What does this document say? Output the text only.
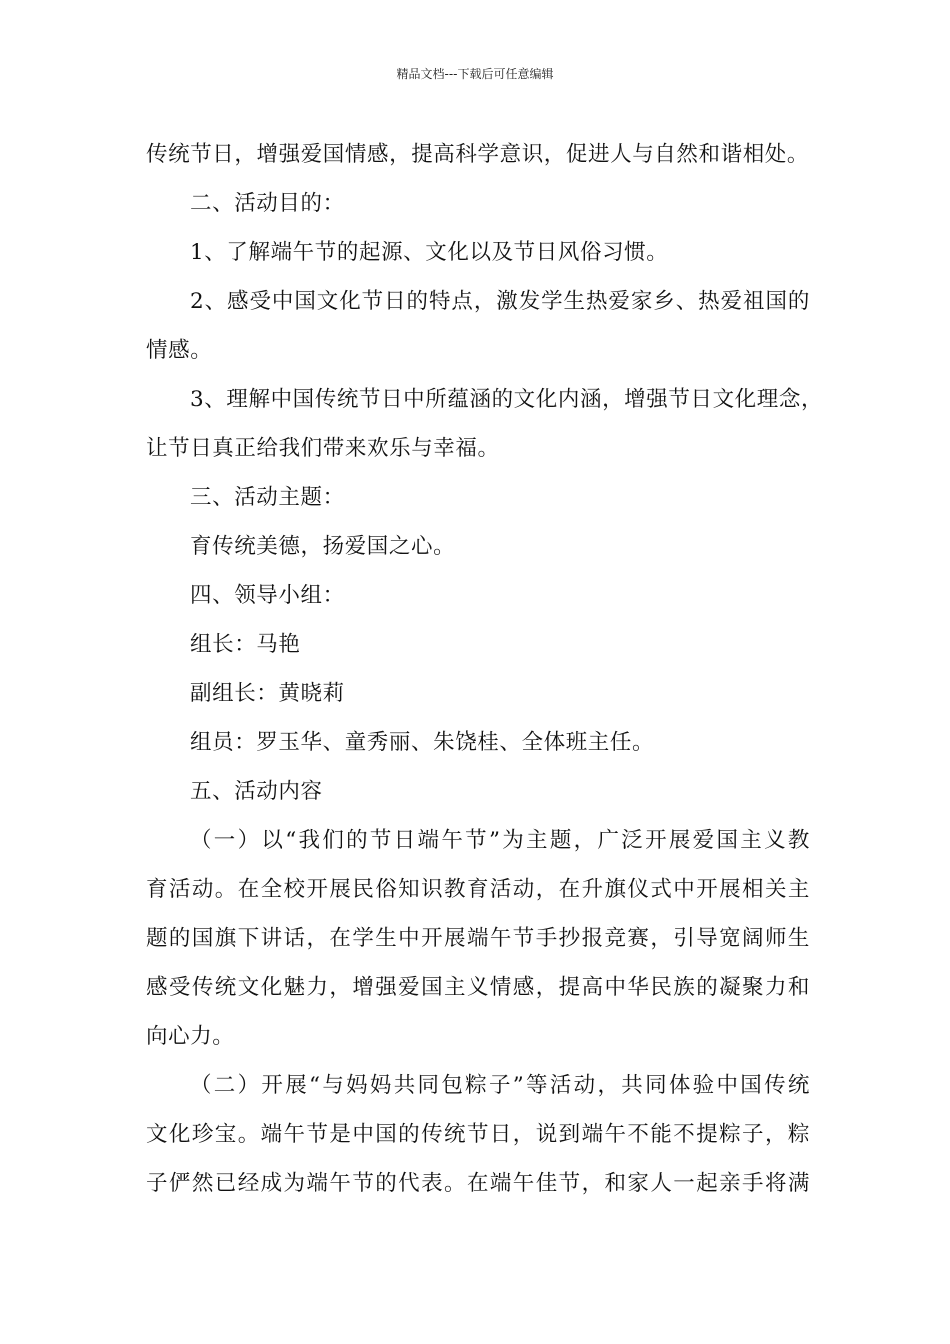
精品文档---下载后可任意编辑
传统节日，增强爱国情感，提高科学意识，促进人与自然和谐相处。
二、活动目的：
1、了解端午节的起源、文化以及节日风俗习惯。
2、感受中国文化节日的特点，激发学生热爱家乡、热爱祖国的
情感。
3、理解中国传统节日中所蕴涵的文化内涵，增强节日文化理念，
让节日真正给我们带来欢乐与幸福。
三、活动主题：
育传统美德，扬爱国之心。
四、领导小组：
组长：马艳
副组长：黄晓莉
组员：罗玉华、童秀丽、朱饶桂、全体班主任。
五、活动内容
（一）以“我们的节日端午节”为主题，广泛开展爱国主义教
育活动。在全校开展民俗知识教育活动，在升旗仪式中开展相关主
题的国旗下讲话，在学生中开展端午节手抄报竞赛，引导宽阔师生
感受传统文化魅力，增强爱国主义情感，提高中华民族的凝聚力和
向心力。
（二）开展“与妈妈共同包粽子”等活动，共同体验中国传统
文化珍宝。端午节是中国的传统节日，说到端午不能不提粽子，粽
子俨然已经成为端午节的代表。在端午佳节，和家人一起亲手将满
